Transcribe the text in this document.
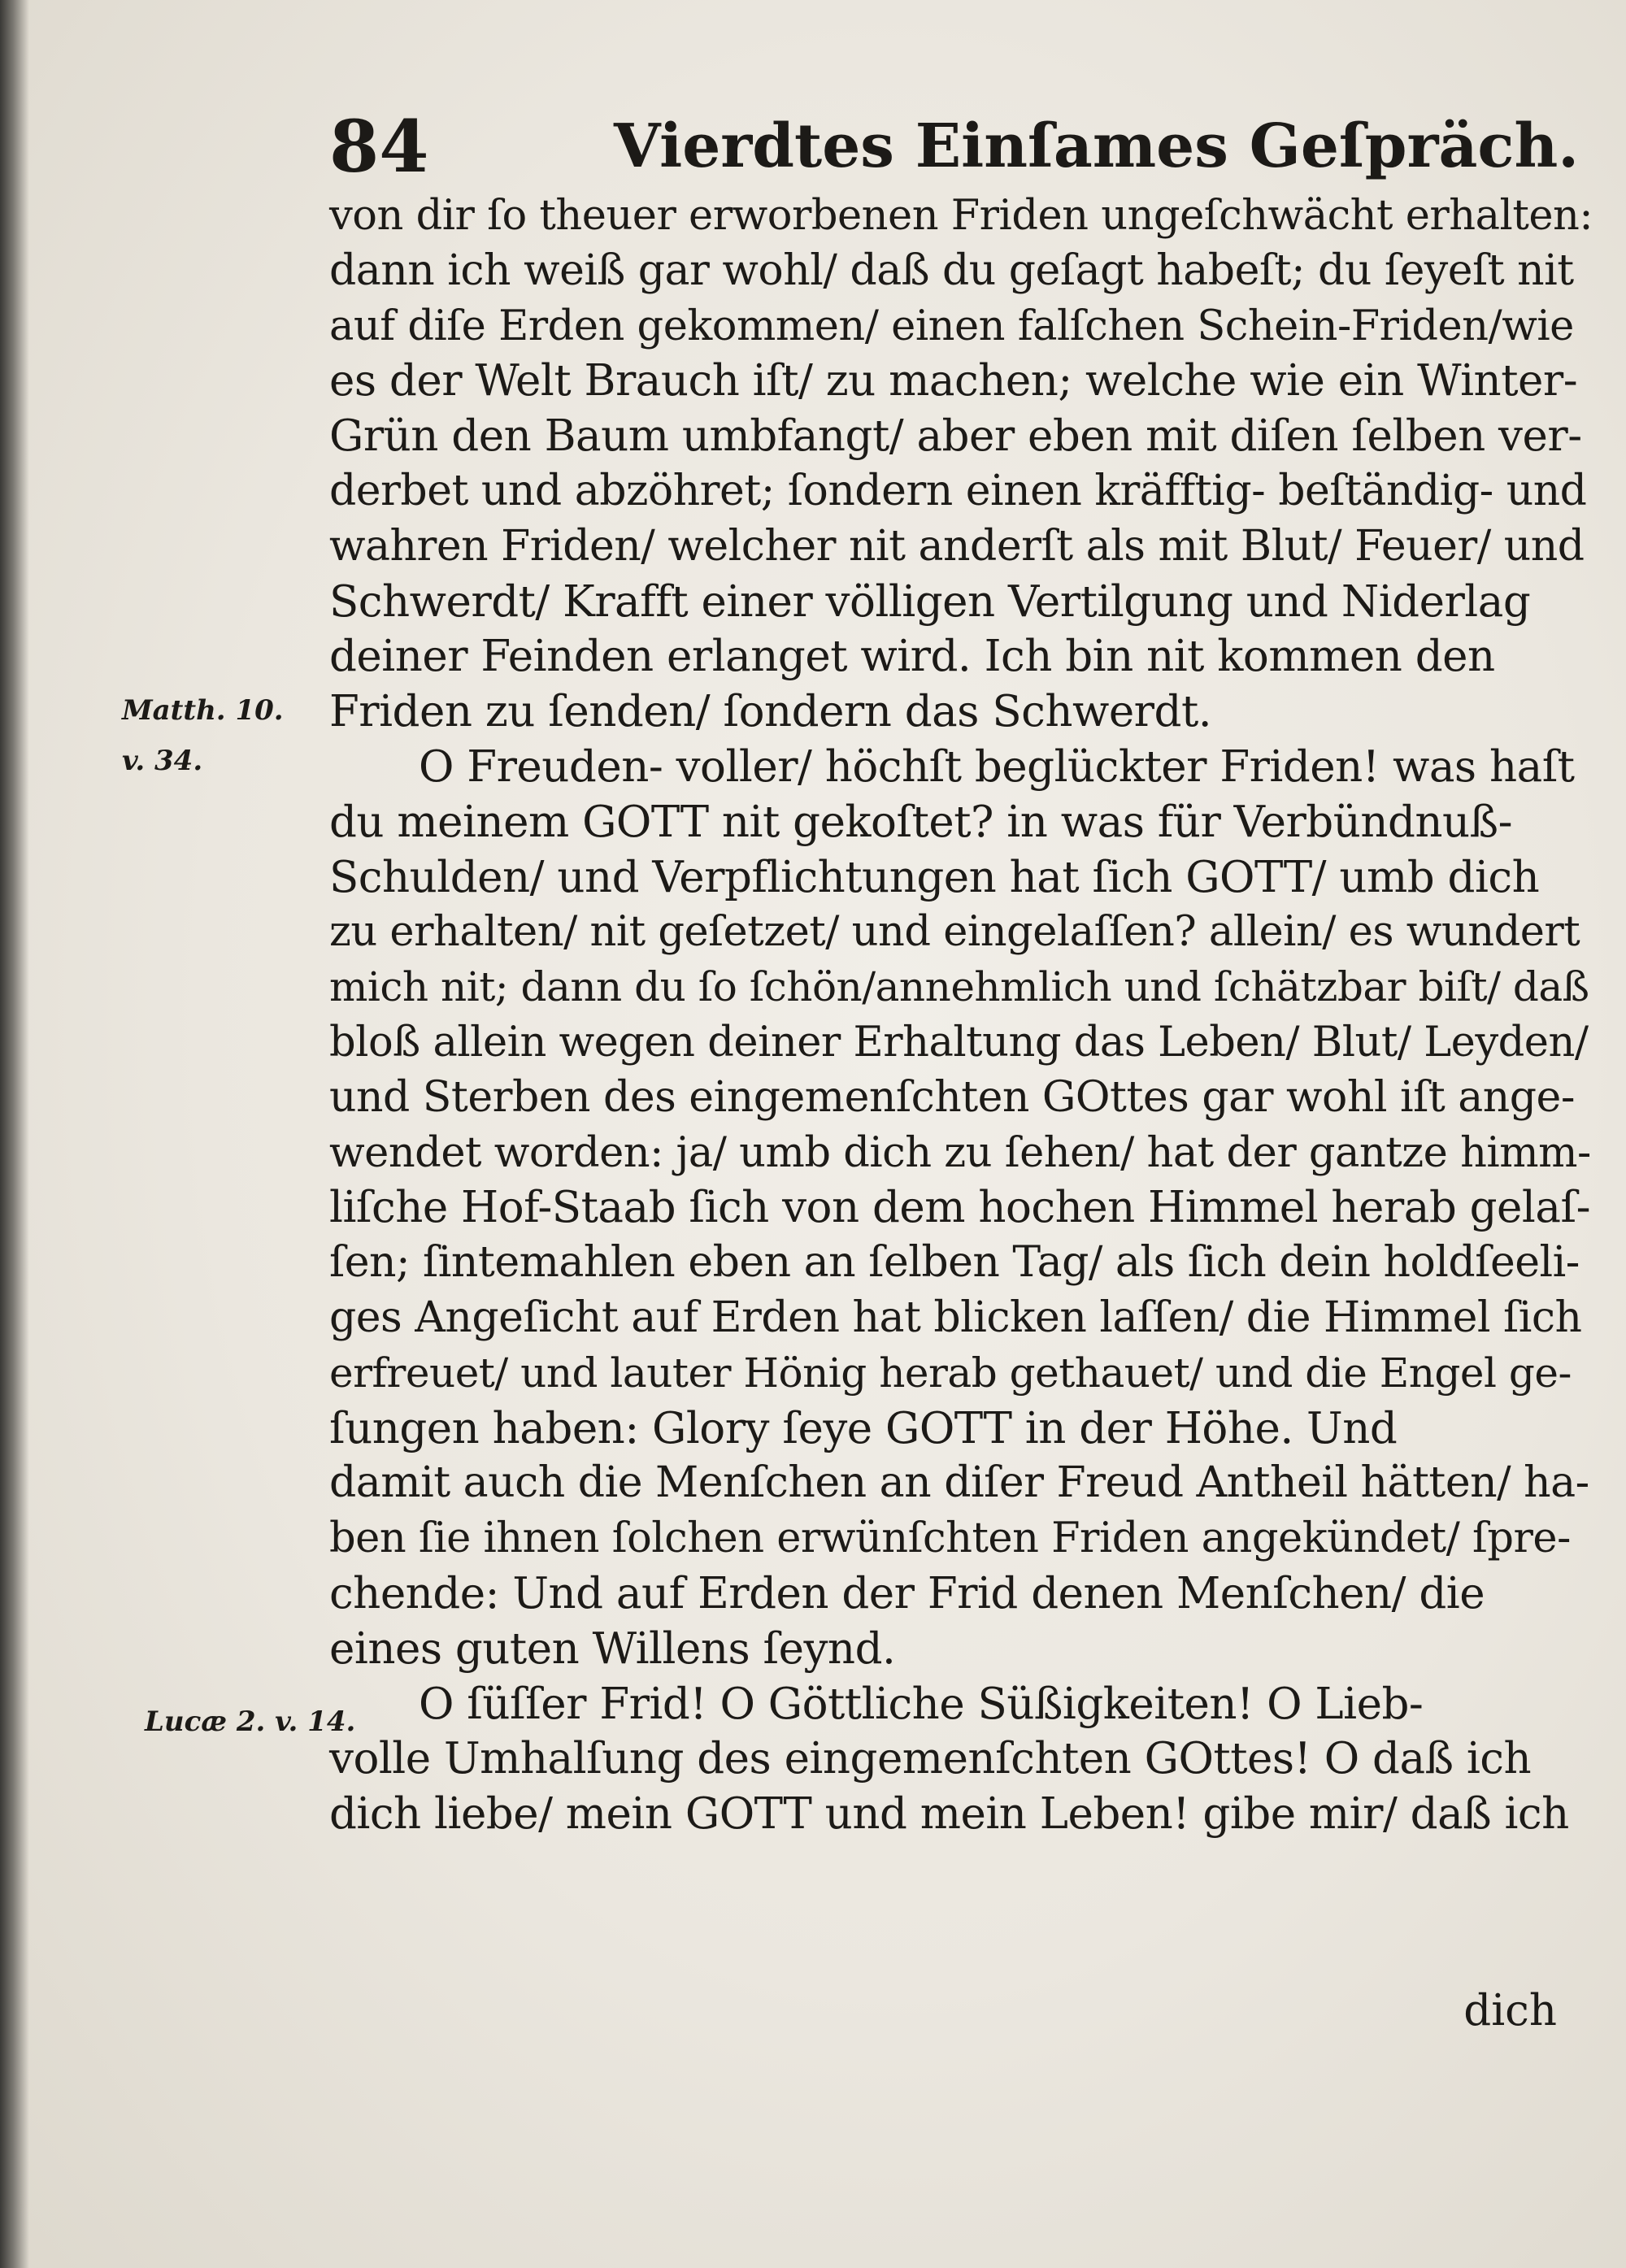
84	Vierdtes Einſames Geſpräch.
Matth. 10.
v. 34.
Lucæ 2. v. 14.
von dir ſo theuer erworbenen Friden ungeſchwächt erhalten:
dann ich weiß gar wohl/ daß du geſagt habeſt; du ſeyeſt nit
auf diſe Erden gekommen/ einen falſchen Schein-Friden/wie
es der Welt Brauch iſt/ zu machen; welche wie ein Winter-
Grün den Baum umbfangt/ aber eben mit diſen ſelben ver-
derbet und abzöhret; ſondern einen kräfftig- beſtändig- und
wahren Friden/ welcher nit anderſt als mit Blut/ Feuer/ und
Schwerdt/ Krafft einer völligen Vertilgung und Niderlag
deiner Feinden erlanget wird. Ich bin nit kommen den
Friden zu ſenden/ ſondern das Schwerdt.
O Freuden- voller/ höchſt beglückter Friden! was haſt
du meinem GOTT nit gekoſtet? in was für Verbündnuß-
Schulden/ und Verpflichtungen hat ſich GOTT/ umb dich
zu erhalten/ nit geſetzet/ und eingelaſſen? allein/ es wundert
mich nit; dann du ſo ſchön/annehmlich und ſchätzbar biſt/ daß
bloß allein wegen deiner Erhaltung das Leben/ Blut/ Leyden/
und Sterben des eingemenſchten GOttes gar wohl iſt ange-
wendet worden: ja/ umb dich zu ſehen/ hat der gantze himm-
liſche Hof-Staab ſich von dem hochen Himmel herab gelaſ-
ſen; ſintemahlen eben an ſelben Tag/ als ſich dein holdſeeli-
ges Angeſicht auf Erden hat blicken laſſen/ die Himmel ſich
erfreuet/ und lauter Hönig herab gethauet/ und die Engel ge-
ſungen haben: Glory ſeye GOTT in der Höhe. Und
damit auch die Menſchen an diſer Freud Antheil hätten/ ha-
ben ſie ihnen ſolchen erwünſchten Friden angekündet/ ſpre-
chende: Und auf Erden der Frid denen Menſchen/ die
eines guten Willens ſeynd.
O ſüſſer Frid! O Göttliche Süßigkeiten! O Lieb-
volle Umhalſung des eingemenſchten GOttes! O daß ich
dich liebe/ mein GOTT und mein Leben! gibe mir/ daß ich
dich
